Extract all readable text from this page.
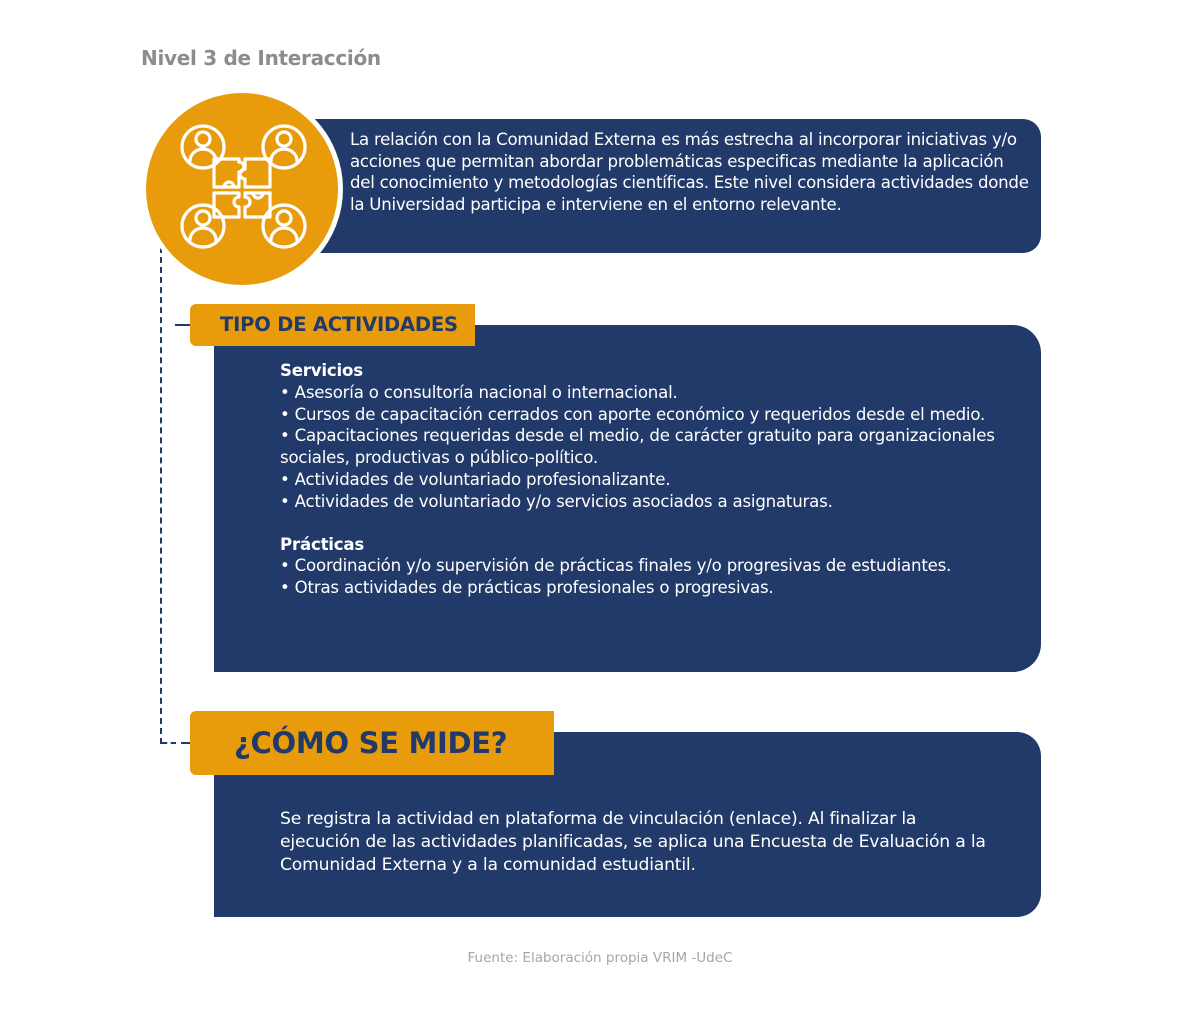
Nivel 3 de Interacción
La relación con la Comunidad Externa es más estrecha al incorporar iniciativas y/o acciones que permitan abordar problemáticas especificas mediante la aplicación del conocimiento y metodologías científicas. Este nivel considera actividades donde la Universidad participa e interviene en el entorno relevante.
Servicios
• Asesoría o consultoría nacional o internacional.
• Cursos de capacitación cerrados con aporte económico y requeridos desde el medio.
• Capacitaciones requeridas desde el medio, de carácter gratuito para organizacionales sociales, productivas o público-político.
• Actividades de voluntariado profesionalizante.
• Actividades de voluntariado y/o servicios asociados a asignaturas.
Prácticas
• Coordinación y/o supervisión de prácticas finales y/o progresivas de estudiantes.
• Otras actividades de prácticas profesionales o progresivas.
TIPO DE ACTIVIDADES
Se registra la actividad en plataforma de vinculación (enlace). Al finalizar la ejecución de las actividades planificadas, se aplica una Encuesta de Evaluación a la Comunidad Externa y a la comunidad estudiantil.
¿CÓMO SE MIDE?
Fuente: Elaboración propia VRIM -UdeC
